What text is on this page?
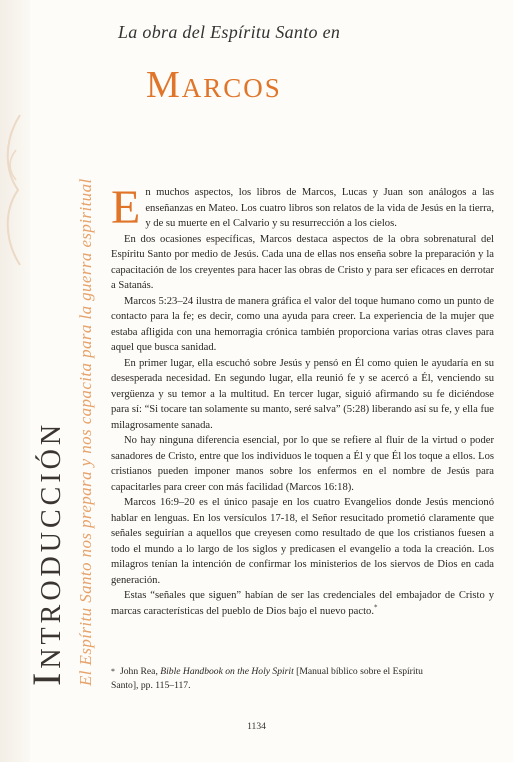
La obra del Espíritu Santo en
Marcos
El Espíritu Santo nos prepara y nos capacita para la guerra espiritual
Introducción

En muchos aspectos, los libros de Marcos, Lucas y Juan son análogos a las enseñanzas en Mateo. Los cuatro libros son relatos de la vida de Jesús en la tierra, y de su muerte en el Calvario y su resurrección a los cielos.

En dos ocasiones específicas, Marcos destaca aspectos de la obra sobrenatural del Espíritu Santo por medio de Jesús. Cada una de ellas nos enseña sobre la preparación y la capacitación de los creyentes para hacer las obras de Cristo y para ser eficaces en derrotar a Satanás.

Marcos 5:23–24 ilustra de manera gráfica el valor del toque humano como un punto de contacto para la fe; es decir, como una ayuda para creer. La experiencia de la mujer que estaba afligida con una hemorragia crónica también proporciona varias otras claves para aquel que busca sanidad.

En primer lugar, ella escuchó sobre Jesús y pensó en Él como quien le ayudaría en su desesperada necesidad. En segundo lugar, ella reunió fe y se acercó a Él, venciendo su vergüenza y su temor a la multitud. En tercer lugar, siguió afirmando su fe diciéndose para sí: “Si tocare tan solamente su manto, seré salva” (5:28) liberando así su fe, y ella fue milagrosamente sanada.

No hay ninguna diferencia esencial, por lo que se refiere al fluir de la virtud o poder sanadores de Cristo, entre que los individuos le toquen a Él y que Él los toque a ellos. Los cristianos pueden imponer manos sobre los enfermos en el nombre de Jesús para capacitarles para creer con más facilidad (Marcos 16:18).

Marcos 16:9–20 es el único pasaje en los cuatro Evangelios donde Jesús mencionó hablar en lenguas. En los versículos 17-18, el Señor resucitado prometió claramente que señales seguirían a aquellos que creyesen como resultado de que los cristianos fuesen a todo el mundo a lo largo de los siglos y predicasen el evangelio a toda la creación. Los milagros tenían la intención de confirmar los ministerios de los siervos de Dios en cada generación.

Estas “señales que siguen” habían de ser las credenciales del embajador de Cristo y marcas características del pueblo de Dios bajo el nuevo pacto.*

* John Rea, Bible Handbook on the Holy Spirit [Manual bíblico sobre el Espíritu Santo], pp. 115–117.
1134
